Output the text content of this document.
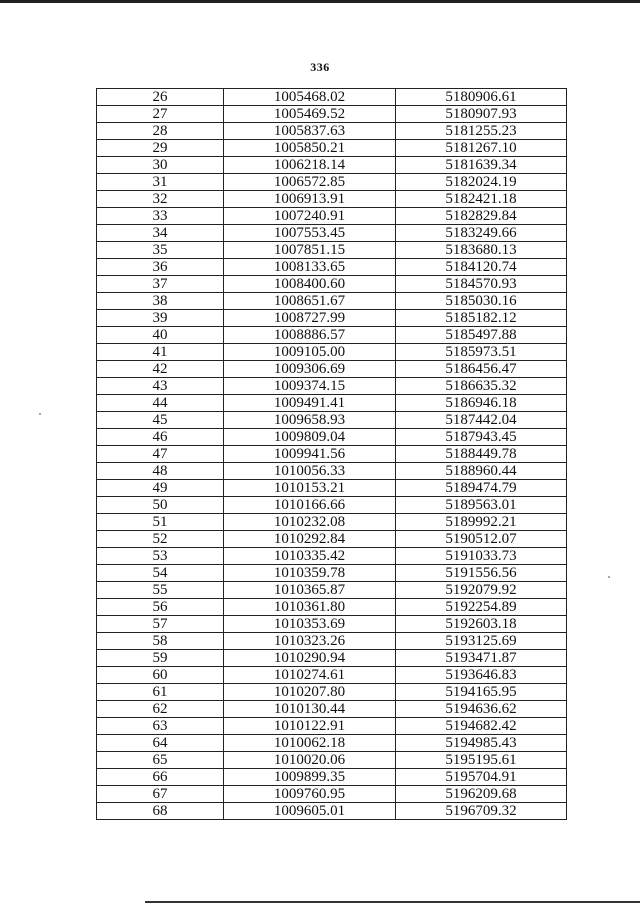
336
26	1005468.02	5180906.61
27	1005469.52	5180907.93
28	1005837.63	5181255.23
29	1005850.21	5181267.10
30	1006218.14	5181639.34
31	1006572.85	5182024.19
32	1006913.91	5182421.18
33	1007240.91	5182829.84
34	1007553.45	5183249.66
35	1007851.15	5183680.13
36	1008133.65	5184120.74
37	1008400.60	5184570.93
38	1008651.67	5185030.16
39	1008727.99	5185182.12
40	1008886.57	5185497.88
41	1009105.00	5185973.51
42	1009306.69	5186456.47
43	1009374.15	5186635.32
44	1009491.41	5186946.18
45	1009658.93	5187442.04
46	1009809.04	5187943.45
47	1009941.56	5188449.78
48	1010056.33	5188960.44
49	1010153.21	5189474.79
50	1010166.66	5189563.01
51	1010232.08	5189992.21
52	1010292.84	5190512.07
53	1010335.42	5191033.73
54	1010359.78	5191556.56
55	1010365.87	5192079.92
56	1010361.80	5192254.89
57	1010353.69	5192603.18
58	1010323.26	5193125.69
59	1010290.94	5193471.87
60	1010274.61	5193646.83
61	1010207.80	5194165.95
62	1010130.44	5194636.62
63	1010122.91	5194682.42
64	1010062.18	5194985.43
65	1010020.06	5195195.61
66	1009899.35	5195704.91
67	1009760.95	5196209.68
68	1009605.01	5196709.32
